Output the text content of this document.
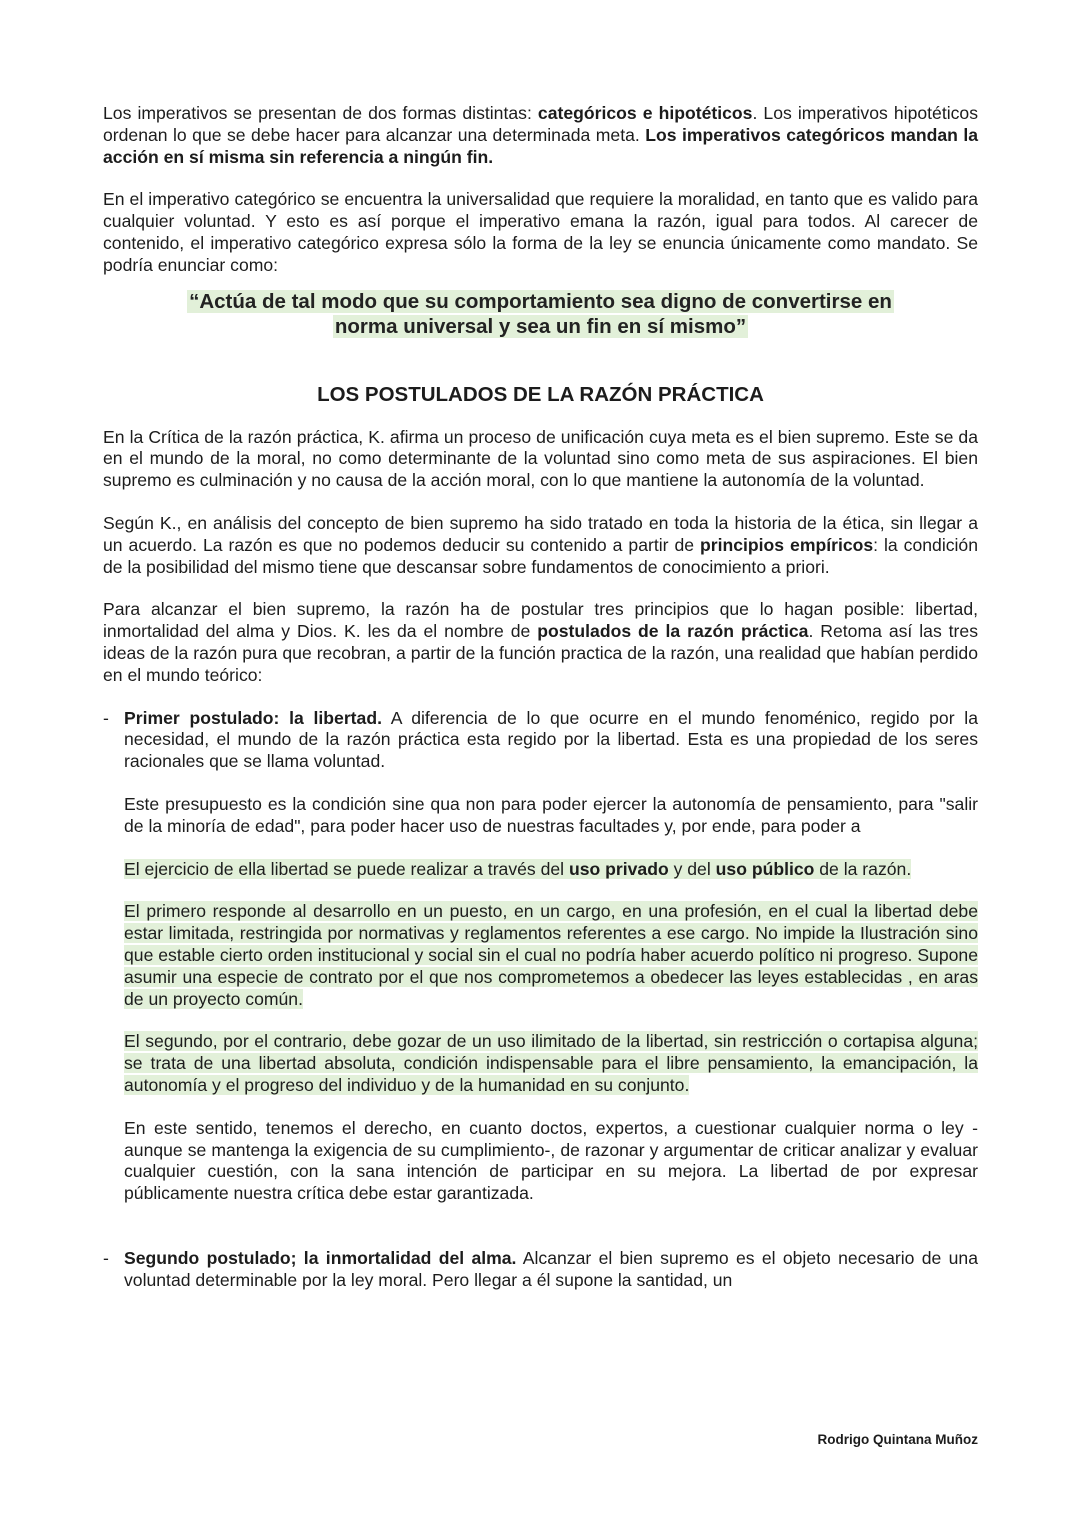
Los imperativos se presentan de dos formas distintas: categóricos e hipotéticos. Los imperativos hipotéticos ordenan lo que se debe hacer para alcanzar una determinada meta. Los imperativos categóricos mandan la acción en sí misma sin referencia a ningún fin.

En el imperativo categórico se encuentra la universalidad que requiere la moralidad, en tanto que es valido para cualquier voluntad. Y esto es así porque el imperativo emana la razón, igual para todos. Al carecer de contenido, el imperativo categórico expresa sólo la forma de la ley se enuncia únicamente como mandato. Se podría enunciar como:

“Actúa de tal modo que su comportamiento sea digno de convertirse en

norma universal y sea un fin en sí mismo”

LOS POSTULADOS DE LA RAZÓN PRÁCTICA

En la Crítica de la razón práctica, K. afirma un proceso de unificación cuya meta es el bien supremo. Este se da en el mundo de la moral, no como determinante de la voluntad sino como meta de sus aspiraciones. El bien supremo es culminación y no causa de la acción moral, con lo que mantiene la autonomía de la voluntad.

Según K., en análisis del concepto de bien supremo ha sido tratado en toda la historia de la ética, sin llegar a un acuerdo. La razón es que no podemos deducir su contenido a partir de principios empíricos: la condición de la posibilidad del mismo tiene que descansar sobre fundamentos de conocimiento a priori.

Para alcanzar el bien supremo, la razón ha de postular tres principios que lo hagan posible: libertad, inmortalidad del alma y Dios. K. les da el nombre de postulados de la razón práctica. Retoma así las tres ideas de la razón pura que recobran, a partir de la función practica de la razón, una realidad que habían perdido en el mundo teórico:

- Primer postulado: la libertad. A diferencia de lo que ocurre en el mundo fenoménico, regido por la necesidad, el mundo de la razón práctica esta regido por la libertad. Esta es una propiedad de los seres racionales que se llama voluntad.

Este presupuesto es la condición sine qua non para poder ejercer la autonomía de pensamiento, para "salir de la minoría de edad", para poder hacer uso de nuestras facultades y, por ende, para poder a

El ejercicio de ella libertad se puede realizar a través del uso privado y del uso público de la razón.

El primero responde al desarrollo en un puesto, en un cargo, en una profesión, en el cual la libertad debe estar limitada, restringida por normativas y reglamentos referentes a ese cargo. No impide la Ilustración sino que estable cierto orden institucional y social sin el cual no podría haber acuerdo político ni progreso. Supone asumir una especie de contrato por el que nos comprometemos a obedecer las leyes establecidas , en aras de un proyecto común.

El segundo, por el contrario, debe gozar de un uso ilimitado de la libertad, sin restricción o cortapisa alguna; se trata de una libertad absoluta, condición indispensable para el libre pensamiento, la emancipación, la autonomía y el progreso del individuo y de la humanidad en su conjunto.

En este sentido, tenemos el derecho, en cuanto doctos, expertos, a cuestionar cualquier norma o ley - aunque se mantenga la exigencia de su cumplimiento-, de razonar y argumentar de criticar analizar y evaluar cualquier cuestión, con la sana intención de participar en su mejora. La libertad de por expresar públicamente nuestra crítica debe estar garantizada.

- Segundo postulado; la inmortalidad del alma. Alcanzar el bien supremo es el objeto necesario de una voluntad determinable por la ley moral. Pero llegar a él supone la santidad, un

Rodrigo Quintana Muñoz
